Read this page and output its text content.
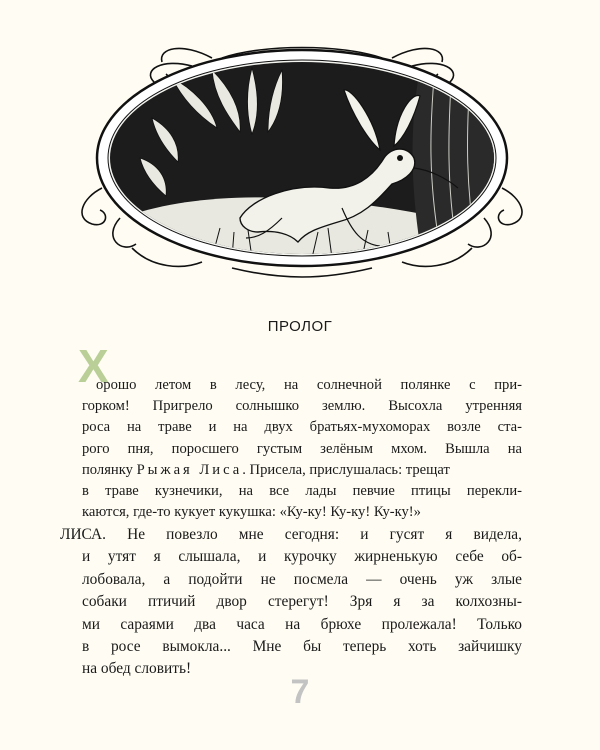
ПРОЛОГ
Х
орошо летом в лесу, на солнечной полянке с при-
горком! Пригрело солнышко землю. Высохла утренняя
роса на траве и на двух братьях-мухоморах возле ста-
рого пня, поросшего густым зелёным мхом. Вышла на
полянку Рыжая Лиса. Присела, прислушалась: трещат
в траве кузнечики, на все лады певчие птицы перекли-
каются, где-то кукует кукушка: «Ку-ку! Ку-ку! Ку-ку!»
ЛИСА. Не повезло мне сегодня: и гусят я видела,
и утят я слышала, и курочку жирненькую себе об-
лобовала, а подойти не посмела — очень уж злые
собаки птичий двор стерегут! Зря я за колхозны-
ми сараями два часа на брюхе пролежала! Только
в росе вымокла... Мне бы теперь хоть зайчишку
на обед словить!
7
